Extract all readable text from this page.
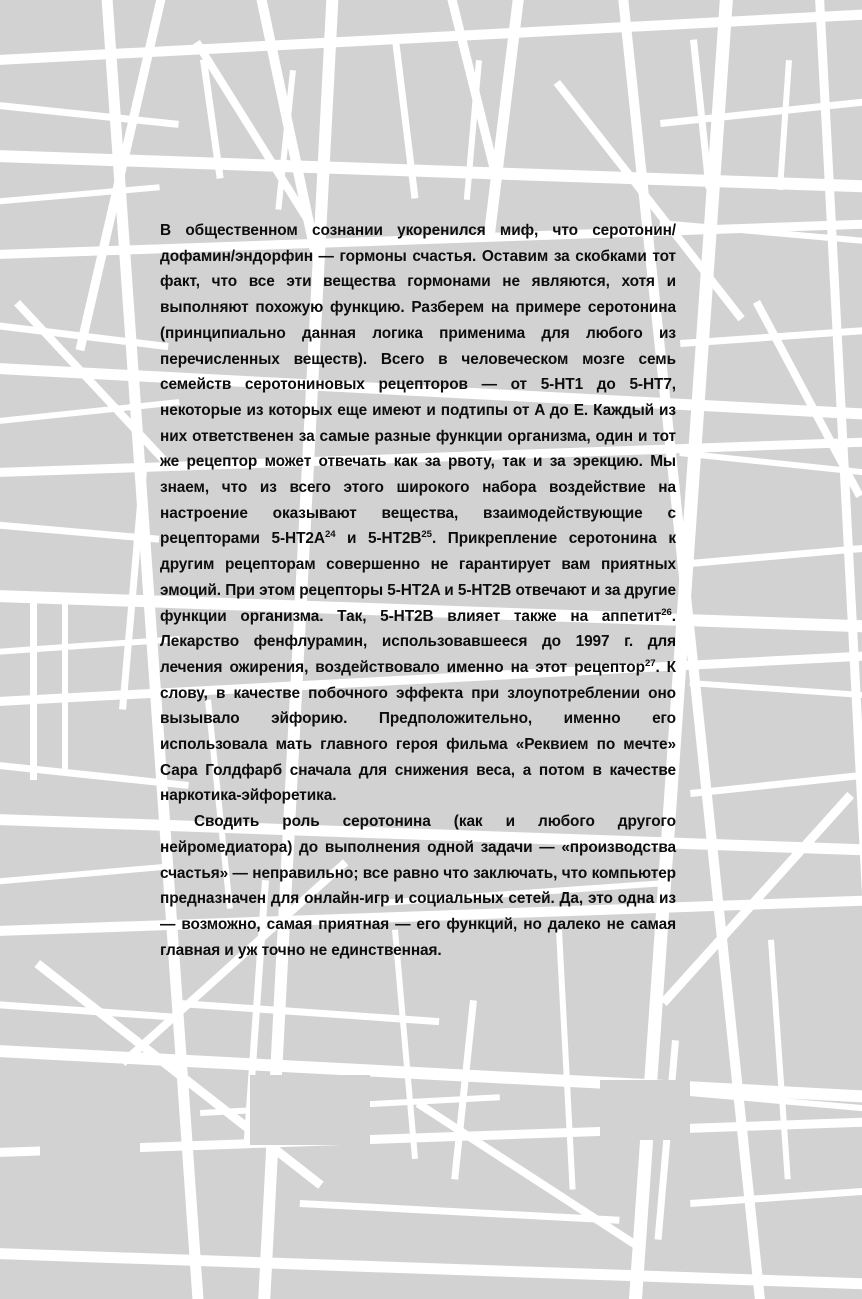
В общественном сознании укоренился миф, что серотонин/дофамин/эндорфин — гормоны счастья. Оставим за скобками тот факт, что все эти вещества гормонами не являются, хотя и выполняют похожую функцию. Разберем на примере серотонина (принципиально данная логика применима для любого из перечисленных веществ). Всего в человеческом мозге семь семейств серотониновых рецепторов — от 5-HT1 до 5-HT7, некоторые из которых еще имеют и подтипы от A до E. Каждый из них ответственен за самые разные функции организма, один и тот же рецептор может отвечать как за рвоту, так и за эрекцию. Мы знаем, что из всего этого широкого набора воздействие на настроение оказывают вещества, взаимодействующие с рецепторами $5-HT2A^{24}$ и $5-HT2B^{25}$. Прикрепление серотонина к другим рецепторам совершенно не гарантирует вам приятных эмоций. При этом рецепторы 5-HT2A и 5-HT2B отвечают и за другие функции организма. Так, 5-HT2B влияет также на аппетит$^{26}$. Лекарство фенфлурамин, использовавшееся до 1997 г. для лечения ожирения, воздействовало именно на этот рецептор$^{27}$. К слову, в качестве побочного эффекта при злоупотреблении оно вызывало эйфорию. Предположительно, именно его использовала мать главного героя фильма «Реквием по мечте» Сара Голдфарб сначала для снижения веса, а потом в качестве наркотика-эйфоретика.

Сводить роль серотонина (как и любого другого нейромедиатора) до выполнения одной задачи — «производства счастья» — неправильно; все равно что заключать, что компьютер предназначен для онлайн-игр и социальных сетей. Да, это одна из — возможно, самая приятная — его функций, но далеко не самая главная и уж точно не единственная.
